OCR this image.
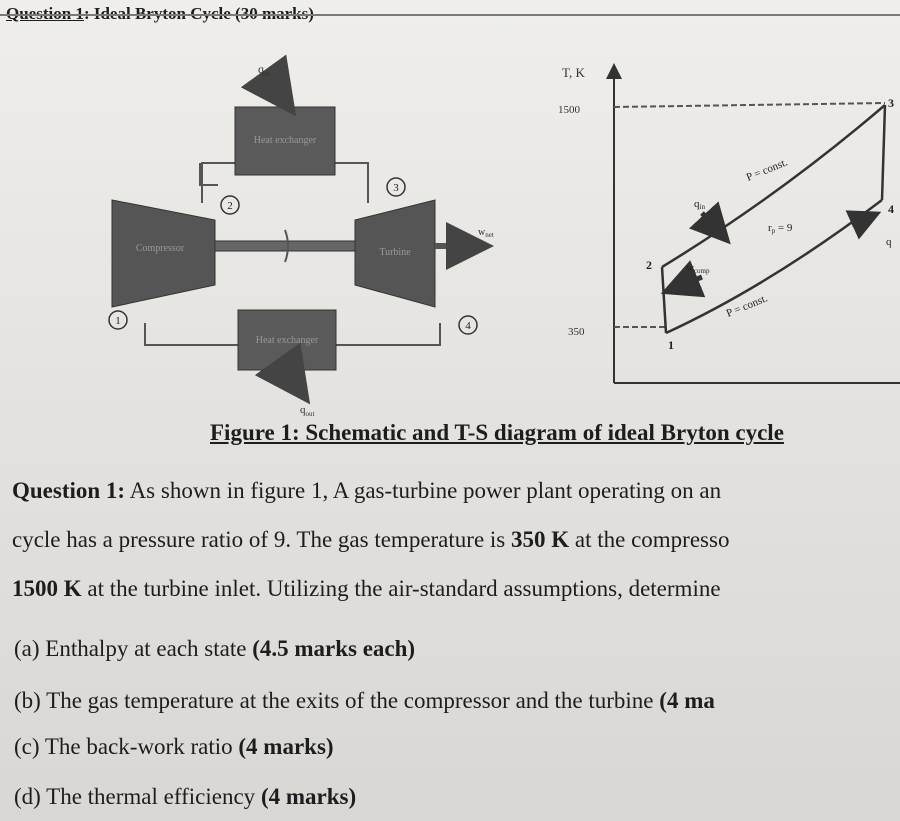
Question 1: Ideal Bryton Cycle (30 marks)
Heat exchanger
$q_{in}$
Compressor	Turbine
$w_{net}$
Heat exchanger
$q_{out}$
1
2
3
4
T, K
1500
350
1
2
3
4
qin
wcomp
q
P = const.
rp = 9
P = const.
Figure 1: Schematic and T-S diagram of ideal Bryton cycle
Question 1: As shown in figure 1, A gas-turbine power plant operating on an
cycle has a pressure ratio of 9. The gas temperature is 350 K at the compresso
1500 K at the turbine inlet. Utilizing the air-standard assumptions, determine
(a) Enthalpy at each state (4.5 marks each)
(b) The gas temperature at the exits of the compressor and the turbine (4 ma
(c) The back-work ratio (4 marks)
(d) The thermal efficiency (4 marks)
